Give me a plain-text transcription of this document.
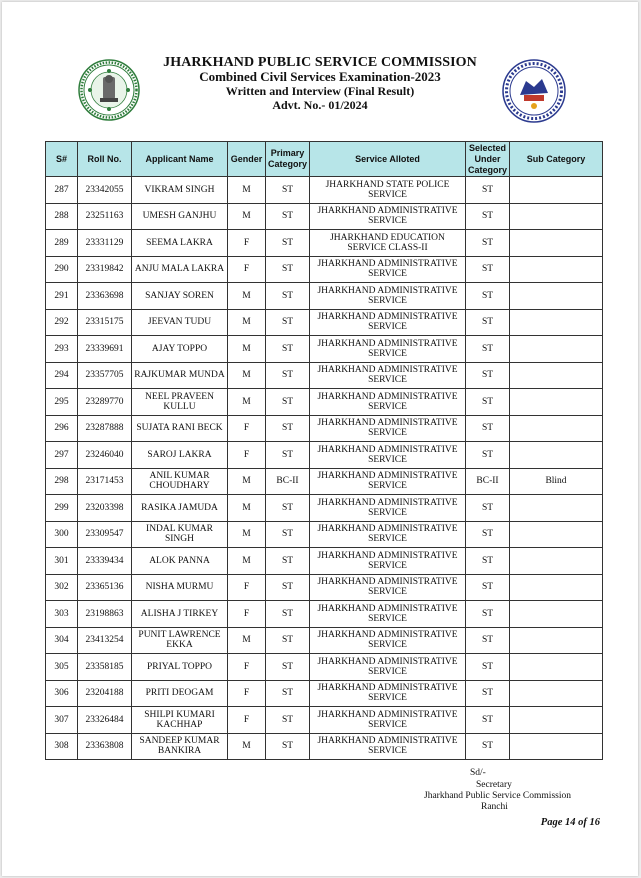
JHARKHAND PUBLIC SERVICE COMMISSION
Combined Civil Services Examination-2023
Written and Interview (Final Result)
Advt. No.- 01/2024
S#	Roll No.	Applicant Name	Gender	Primary Category	Service Alloted	Selected Under Category	Sub Category
287	23342055	VIKRAM SINGH	M	ST	JHARKHAND STATE POLICE SERVICE	ST	
288	23251163	UMESH GANJHU	M	ST	JHARKHAND ADMINISTRATIVE SERVICE	ST	
289	23331129	SEEMA LAKRA	F	ST	JHARKHAND EDUCATION SERVICE CLASS-II	ST	
290	23319842	ANJU MALA LAKRA	F	ST	JHARKHAND ADMINISTRATIVE SERVICE	ST	
291	23363698	SANJAY SOREN	M	ST	JHARKHAND ADMINISTRATIVE SERVICE	ST	
292	23315175	JEEVAN TUDU	M	ST	JHARKHAND ADMINISTRATIVE SERVICE	ST	
293	23339691	AJAY TOPPO	M	ST	JHARKHAND ADMINISTRATIVE SERVICE	ST	
294	23357705	RAJKUMAR MUNDA	M	ST	JHARKHAND ADMINISTRATIVE SERVICE	ST	
295	23289770	NEEL PRAVEEN KULLU	M	ST	JHARKHAND ADMINISTRATIVE SERVICE	ST	
296	23287888	SUJATA RANI BECK	F	ST	JHARKHAND ADMINISTRATIVE SERVICE	ST	
297	23246040	SAROJ LAKRA	F	ST	JHARKHAND ADMINISTRATIVE SERVICE	ST	
298	23171453	ANIL KUMAR CHOUDHARY	M	BC-II	JHARKHAND ADMINISTRATIVE SERVICE	BC-II	Blind
299	23203398	RASIKA JAMUDA	M	ST	JHARKHAND ADMINISTRATIVE SERVICE	ST	
300	23309547	INDAL KUMAR SINGH	M	ST	JHARKHAND ADMINISTRATIVE SERVICE	ST	
301	23339434	ALOK PANNA	M	ST	JHARKHAND ADMINISTRATIVE SERVICE	ST	
302	23365136	NISHA MURMU	F	ST	JHARKHAND ADMINISTRATIVE SERVICE	ST	
303	23198863	ALISHA J TIRKEY	F	ST	JHARKHAND ADMINISTRATIVE SERVICE	ST	
304	23413254	PUNIT LAWRENCE EKKA	M	ST	JHARKHAND ADMINISTRATIVE SERVICE	ST	
305	23358185	PRIYAL TOPPO	F	ST	JHARKHAND ADMINISTRATIVE SERVICE	ST	
306	23204188	PRITI DEOGAM	F	ST	JHARKHAND ADMINISTRATIVE SERVICE	ST	
307	23326484	SHILPI KUMARI KACHHAP	F	ST	JHARKHAND ADMINISTRATIVE SERVICE	ST	
308	23363808	SANDEEP KUMAR BANKIRA	M	ST	JHARKHAND ADMINISTRATIVE SERVICE	ST	
Sd/-
Secretary
Jharkhand Public Service Commission
Ranchi
Page 14 of 16
